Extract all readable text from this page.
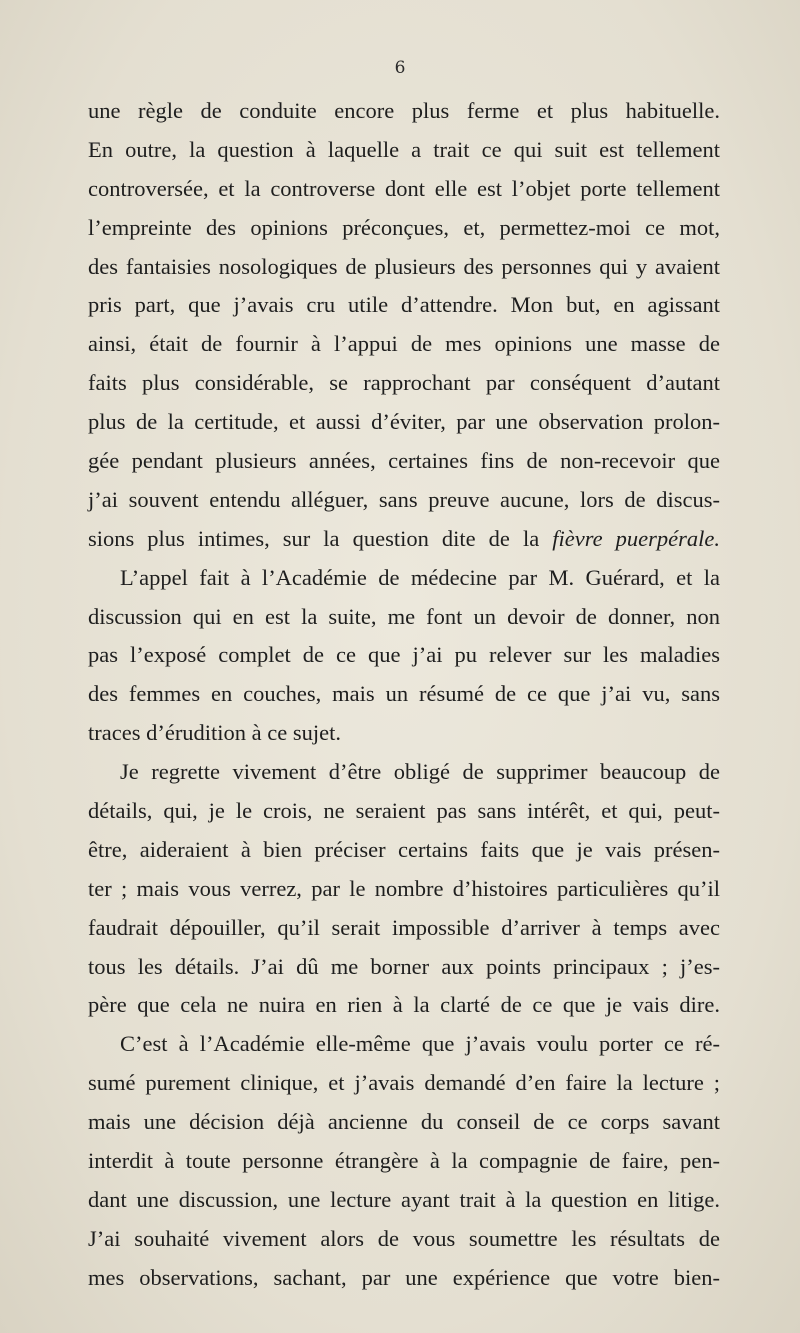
6
une règle de conduite encore plus ferme et plus habituelle.
En outre, la question à laquelle a trait ce qui suit est tellement
controversée, et la controverse dont elle est l’objet porte tellement
l’empreinte des opinions préconçues, et, permettez-moi ce mot,
des fantaisies nosologiques de plusieurs des personnes qui y avaient
pris part, que j’avais cru utile d’attendre. Mon but, en agissant
ainsi, était de fournir à l’appui de mes opinions une masse de
faits plus considérable, se rapprochant par conséquent d’autant
plus de la certitude, et aussi d’éviter, par une observation prolon-
gée pendant plusieurs années, certaines fins de non-recevoir que
j’ai souvent entendu alléguer, sans preuve aucune, lors de discus-
sions plus intimes, sur la question dite de la fièvre puerpérale.
L’appel fait à l’Académie de médecine par M. Guérard, et la
discussion qui en est la suite, me font un devoir de donner, non
pas l’exposé complet de ce que j’ai pu relever sur les maladies
des femmes en couches, mais un résumé de ce que j’ai vu, sans
traces d’érudition à ce sujet.
Je regrette vivement d’être obligé de supprimer beaucoup de
détails, qui, je le crois, ne seraient pas sans intérêt, et qui, peut-
être, aideraient à bien préciser certains faits que je vais présen-
ter ; mais vous verrez, par le nombre d’histoires particulières qu’il
faudrait dépouiller, qu’il serait impossible d’arriver à temps avec
tous les détails. J’ai dû me borner aux points principaux ; j’es-
père que cela ne nuira en rien à la clarté de ce que je vais dire.
C’est à l’Académie elle-même que j’avais voulu porter ce ré-
sumé purement clinique, et j’avais demandé d’en faire la lecture ;
mais une décision déjà ancienne du conseil de ce corps savant
interdit à toute personne étrangère à la compagnie de faire, pen-
dant une discussion, une lecture ayant trait à la question en litige.
J’ai souhaité vivement alors de vous soumettre les résultats de
mes observations, sachant, par une expérience que votre bien-
